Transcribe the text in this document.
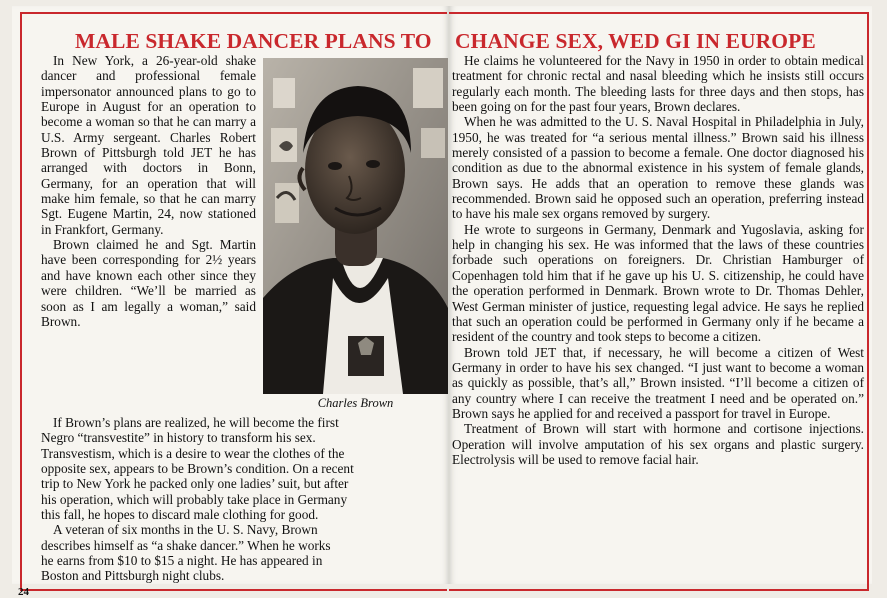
MALE SHAKE DANCER PLANS TO	CHANGE SEX, WED GI IN EUROPE

In New York, a 26-year-old shake dancer and professional female impersonator announced plans to go to Europe in August for an operation to become a woman so that he can marry a U.S. Army sergeant. Charles Robert Brown of Pittsburgh told JET he has arranged with doctors in Bonn, Germany, for an operation that will make him female, so that he can marry Sgt. Eugene Martin, 24, now stationed in Frankfort, Germany.

Brown claimed he and Sgt. Martin have been corresponding for 2½ years and have known each other since they were children. “We’ll be married as soon as I am legally a woman,” said Brown.

Charles Brown

If Brown’s plans are realized, he will become the first

Negro “transvestite” in history to transform his sex.

Transvestism, which is a desire to wear the clothes of the

opposite sex, appears to be Brown’s condition. On a recent

trip to New York he packed only one ladies’ suit, but after

his operation, which will probably take place in Germany

this fall, he hopes to discard male clothing for good.

A veteran of six months in the U. S. Navy, Brown

describes himself as “a shake dancer.” When he works

he earns from $10 to $15 a night. He has appeared in

Boston and Pittsburgh night clubs.

He claims he volunteered for the Navy in 1950 in order to obtain medical treatment for chronic rectal and nasal bleeding which he insists still occurs regularly each month. The bleeding lasts for three days and then stops, has been going on for the past four years, Brown declares.

When he was admitted to the U. S. Naval Hospital in Philadelphia in July, 1950, he was treated for “a serious mental illness.” Brown said his illness merely consisted of a passion to become a female. One doctor diagnosed his condition as due to the abnormal existence in his system of female glands, Brown says. He adds that an operation to remove these glands was recommended. Brown said he opposed such an operation, preferring instead to have his male sex organs removed by surgery.

He wrote to surgeons in Germany, Denmark and Yugoslavia, asking for help in changing his sex. He was informed that the laws of these countries forbade such operations on foreigners. Dr. Christian Hamburger of Copenhagen told him that if he gave up his U. S. citizenship, he could have the operation performed in Denmark. Brown wrote to Dr. Thomas Dehler, West German minister of justice, requesting legal advice. He says he replied that such an operation could be performed in Germany only if he became a resident of the country and took steps to become a citizen.

Brown told JET that, if necessary, he will become a citizen of West Germany in order to have his sex changed. “I just want to become a woman as quickly as possible, that’s all,” Brown insisted. “I’ll become a citizen of any country where I can receive the treatment I need and be operated on.” Brown says he applied for and received a passport for travel in Europe.

Treatment of Brown will start with hormone and cortisone injections. Operation will involve amputation of his sex organs and plastic surgery. Electrolysis will be used to remove facial hair.

24
